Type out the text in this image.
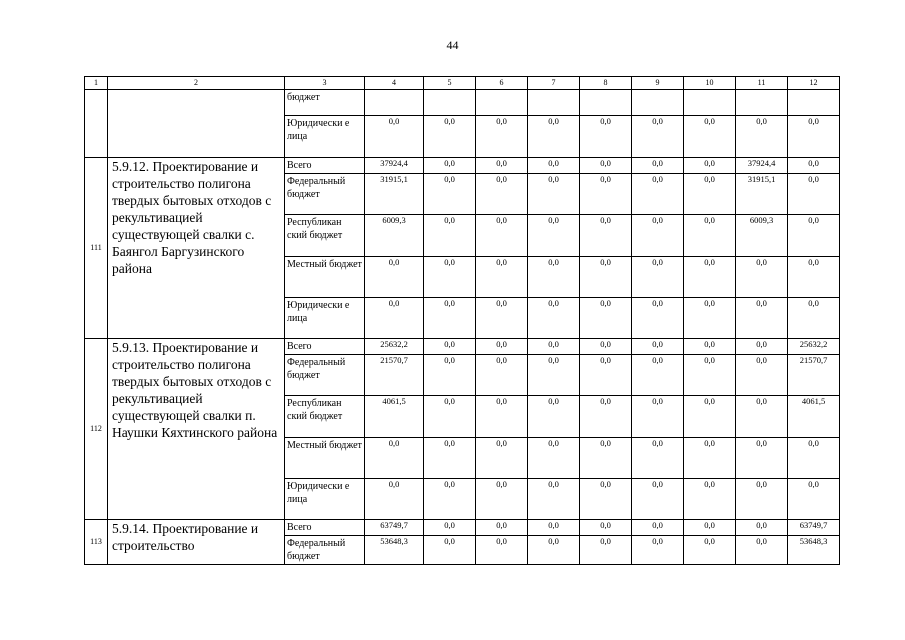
44
1	2	3	4	5	6	7	8	9	10	11	12
		бюджет									
		Юридически е лица	0,0	0,0	0,0	0,0	0,0	0,0	0,0	0,0	0,0
111	5.9.12. Проектирование и строительство полигона твердых бытовых отходов с рекультивацией существующей свалки с. Баянгол Баргузинского района	Всего	37924,4	0,0	0,0	0,0	0,0	0,0	0,0	37924,4	0,0
		Федеральный бюджет	31915,1	0,0	0,0	0,0	0,0	0,0	0,0	31915,1	0,0
		Республикан ский бюджет	6009,3	0,0	0,0	0,0	0,0	0,0	0,0	6009,3	0,0
		Местный бюджет	0,0	0,0	0,0	0,0	0,0	0,0	0,0	0,0	0,0
		Юридически е лица	0,0	0,0	0,0	0,0	0,0	0,0	0,0	0,0	0,0
112	5.9.13. Проектирование и строительство полигона твердых бытовых отходов с рекультивацией существующей свалки п. Наушки Кяхтинского района	Всего	25632,2	0,0	0,0	0,0	0,0	0,0	0,0	0,0	25632,2
		Федеральный бюджет	21570,7	0,0	0,0	0,0	0,0	0,0	0,0	0,0	21570,7
		Республикан ский бюджет	4061,5	0,0	0,0	0,0	0,0	0,0	0,0	0,0	4061,5
		Местный бюджет	0,0	0,0	0,0	0,0	0,0	0,0	0,0	0,0	0,0
		Юридически е лица	0,0	0,0	0,0	0,0	0,0	0,0	0,0	0,0	0,0
113	5.9.14. Проектирование и строительство	Всего	63749,7	0,0	0,0	0,0	0,0	0,0	0,0	0,0	63749,7
		Федеральный бюджет	53648,3	0,0	0,0	0,0	0,0	0,0	0,0	0,0	53648,3
